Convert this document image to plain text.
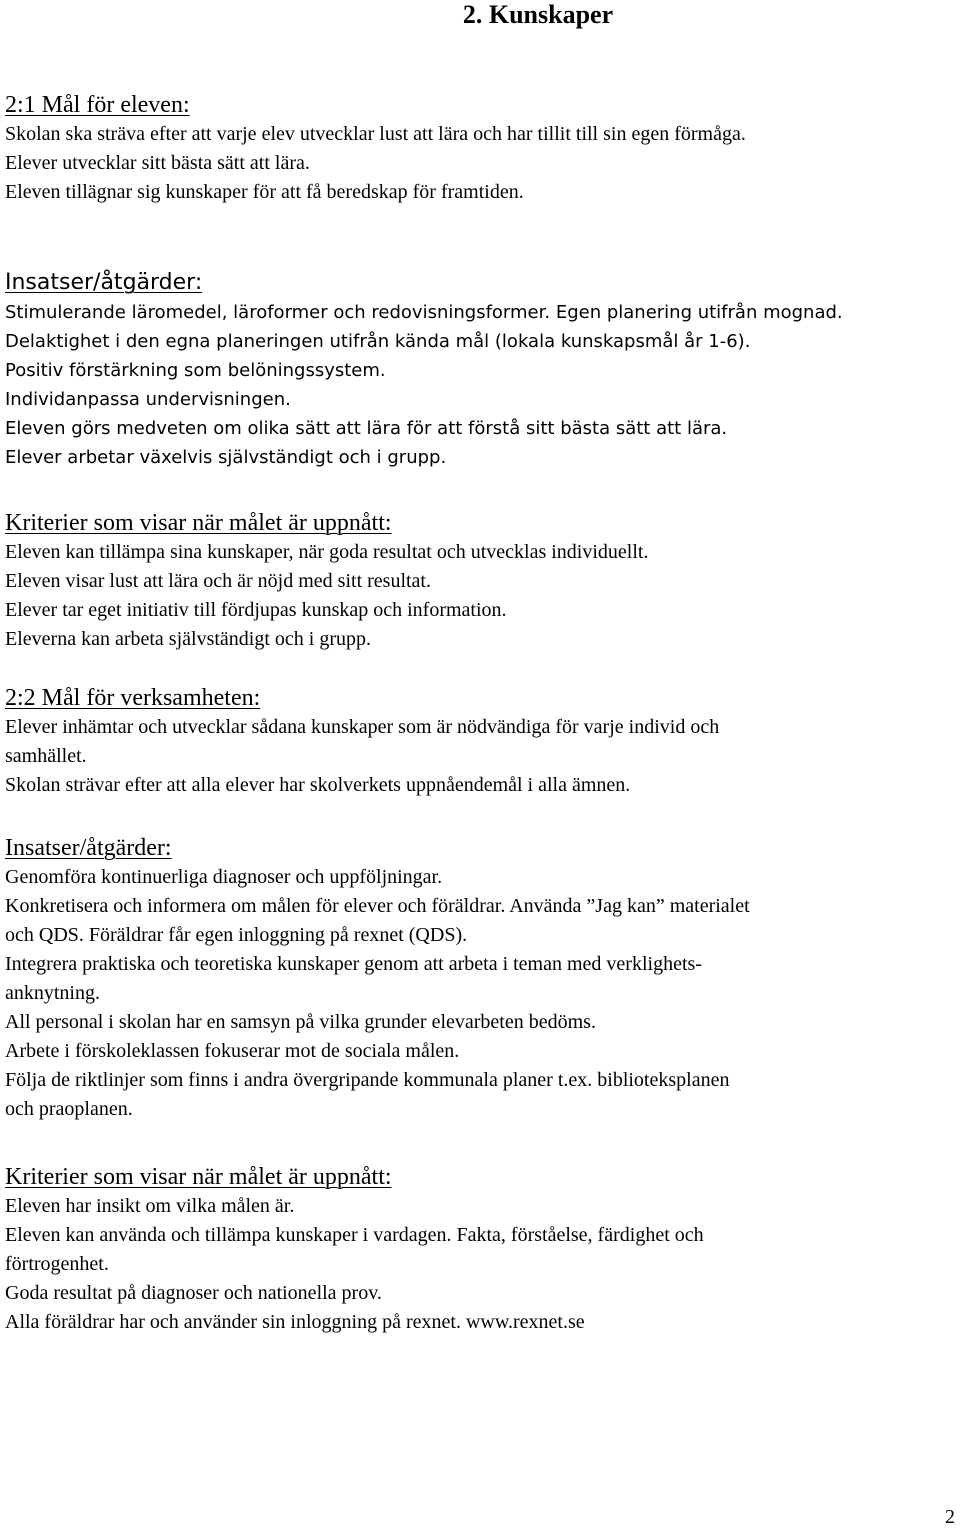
2. Kunskaper

2:1 Mål för eleven:

Skolan ska sträva efter att varje elev utvecklar lust att lära och har tillit till sin egen förmåga.

Elever utvecklar sitt bästa sätt att lära.

Eleven tillägnar sig kunskaper för att få beredskap för framtiden.

Insatser/åtgärder:

Stimulerande läromedel, läroformer och redovisningsformer. Egen planering utifrån mognad.

Delaktighet i den egna planeringen utifrån kända mål (lokala kunskapsmål år 1-6).

Positiv förstärkning som belöningssystem.

Individanpassa undervisningen.

Eleven görs medveten om olika sätt att lära för att förstå sitt bästa sätt att lära.

Elever arbetar växelvis självständigt och i grupp.

Kriterier som visar när målet är uppnått:

Eleven kan tillämpa sina kunskaper, när goda resultat och utvecklas individuellt.

Eleven visar lust att lära och är nöjd med sitt resultat.

Elever tar eget initiativ till fördjupas kunskap och information.

Eleverna kan arbeta självständigt och i grupp.

2:2 Mål för verksamheten:

Elever inhämtar och utvecklar sådana kunskaper som är nödvändiga för varje individ och

samhället.

Skolan strävar efter att alla elever har skolverkets uppnåendemål i alla ämnen.

Insatser/åtgärder:

Genomföra kontinuerliga diagnoser och uppföljningar.

Konkretisera och informera om målen för elever och föräldrar. Använda ”Jag kan” materialet

och QDS. Föräldrar får egen inloggning på rexnet (QDS).

Integrera praktiska och teoretiska kunskaper genom att arbeta i teman med verklighets-

anknytning.

All personal i skolan har en samsyn på vilka grunder elevarbeten bedöms.

Arbete i förskoleklassen fokuserar mot de sociala målen.

Följa de riktlinjer som finns i andra övergripande kommunala planer t.ex. biblioteksplanen

och praoplanen.

Kriterier som visar när målet är uppnått:

Eleven har insikt om vilka målen är.

Eleven kan använda och tillämpa kunskaper i vardagen. Fakta, förståelse, färdighet och

förtrogenhet.

Goda resultat på diagnoser och nationella prov.

Alla föräldrar har och använder sin inloggning på rexnet. www.rexnet.se

2
